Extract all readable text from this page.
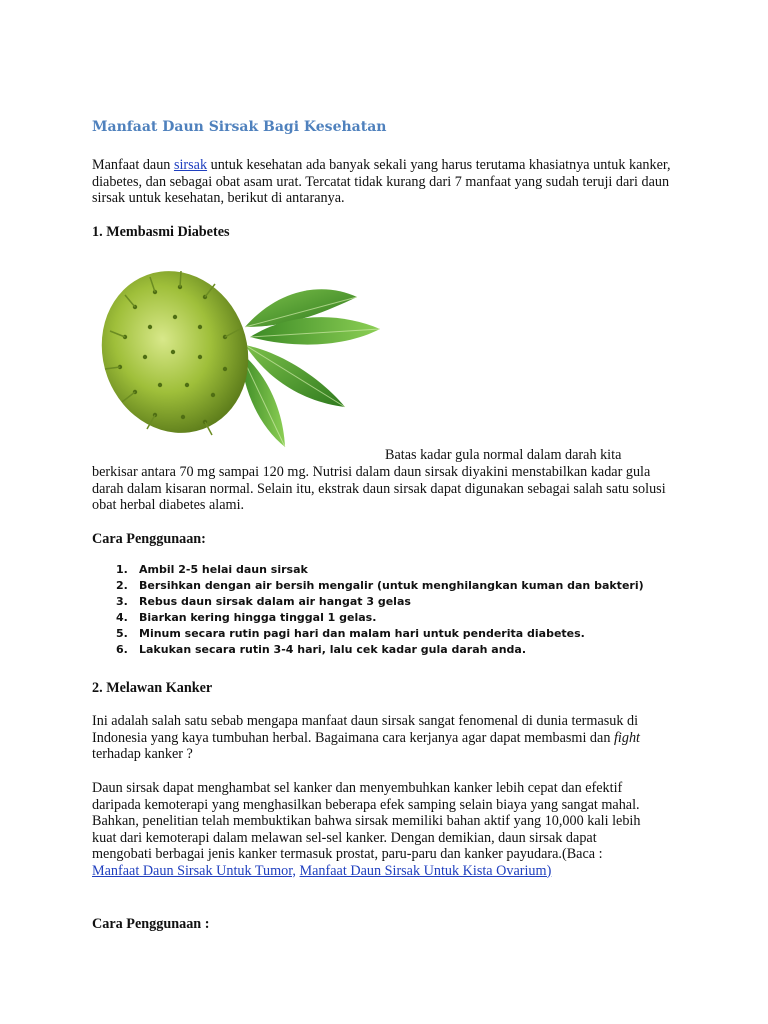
Manfaat Daun Sirsak Bagi Kesehatan

Manfaat daun sirsak untuk kesehatan ada banyak sekali yang harus terutama khasiatnya untuk kanker, diabetes, dan sebagai obat asam urat. Tercatat tidak kurang dari 7 manfaat yang sudah teruji dari daun sirsak untuk kesehatan, berikut di antaranya.

1. Membasmi Diabetes
Cara Penggunaan:
1. Ambil 2-5 helai daun sirsak
2. Bersihkan dengan air bersih mengalir (untuk menghilangkan kuman dan bakteri)
3. Rebus daun sirsak dalam air hangat 3 gelas
4. Biarkan kering hingga tinggal 1 gelas.
5. Minum secara rutin pagi hari dan malam hari untuk penderita diabetes.
6. Lakukan secara rutin 3-4 hari, lalu cek kadar gula darah anda.
2. Melawan Kanker

Ini adalah salah satu sebab mengapa manfaat daun sirsak sangat fenomenal di dunia termasuk di Indonesia yang kaya tumbuhan herbal. Bagaimana cara kerjanya agar dapat membasmi dan fight terhadap kanker ?

Daun sirsak dapat menghambat sel kanker dan menyembuhkan kanker lebih cepat dan efektif daripada kemoterapi yang menghasilkan beberapa efek samping selain biaya yang sangat mahal. Bahkan, penelitian telah membuktikan bahwa sirsak memiliki bahan aktif yang 10,000 kali lebih kuat dari kemoterapi dalam melawan sel-sel kanker. Dengan demikian, daun sirsak dapat mengobati berbagai jenis kanker termasuk prostat, paru-paru dan kanker payudara.(Baca : Manfaat Daun Sirsak Untuk Tumor, Manfaat Daun Sirsak Untuk Kista Ovarium)

Cara Penggunaan :

Batas kadar gula normal dalam darah kita

berkisar antara 70 mg sampai 120 mg. Nutrisi dalam daun sirsak diyakini menstabilkan kadar gula darah dalam kisaran normal. Selain itu, ekstrak daun sirsak dapat digunakan sebagai salah satu solusi obat herbal diabetes alami.
